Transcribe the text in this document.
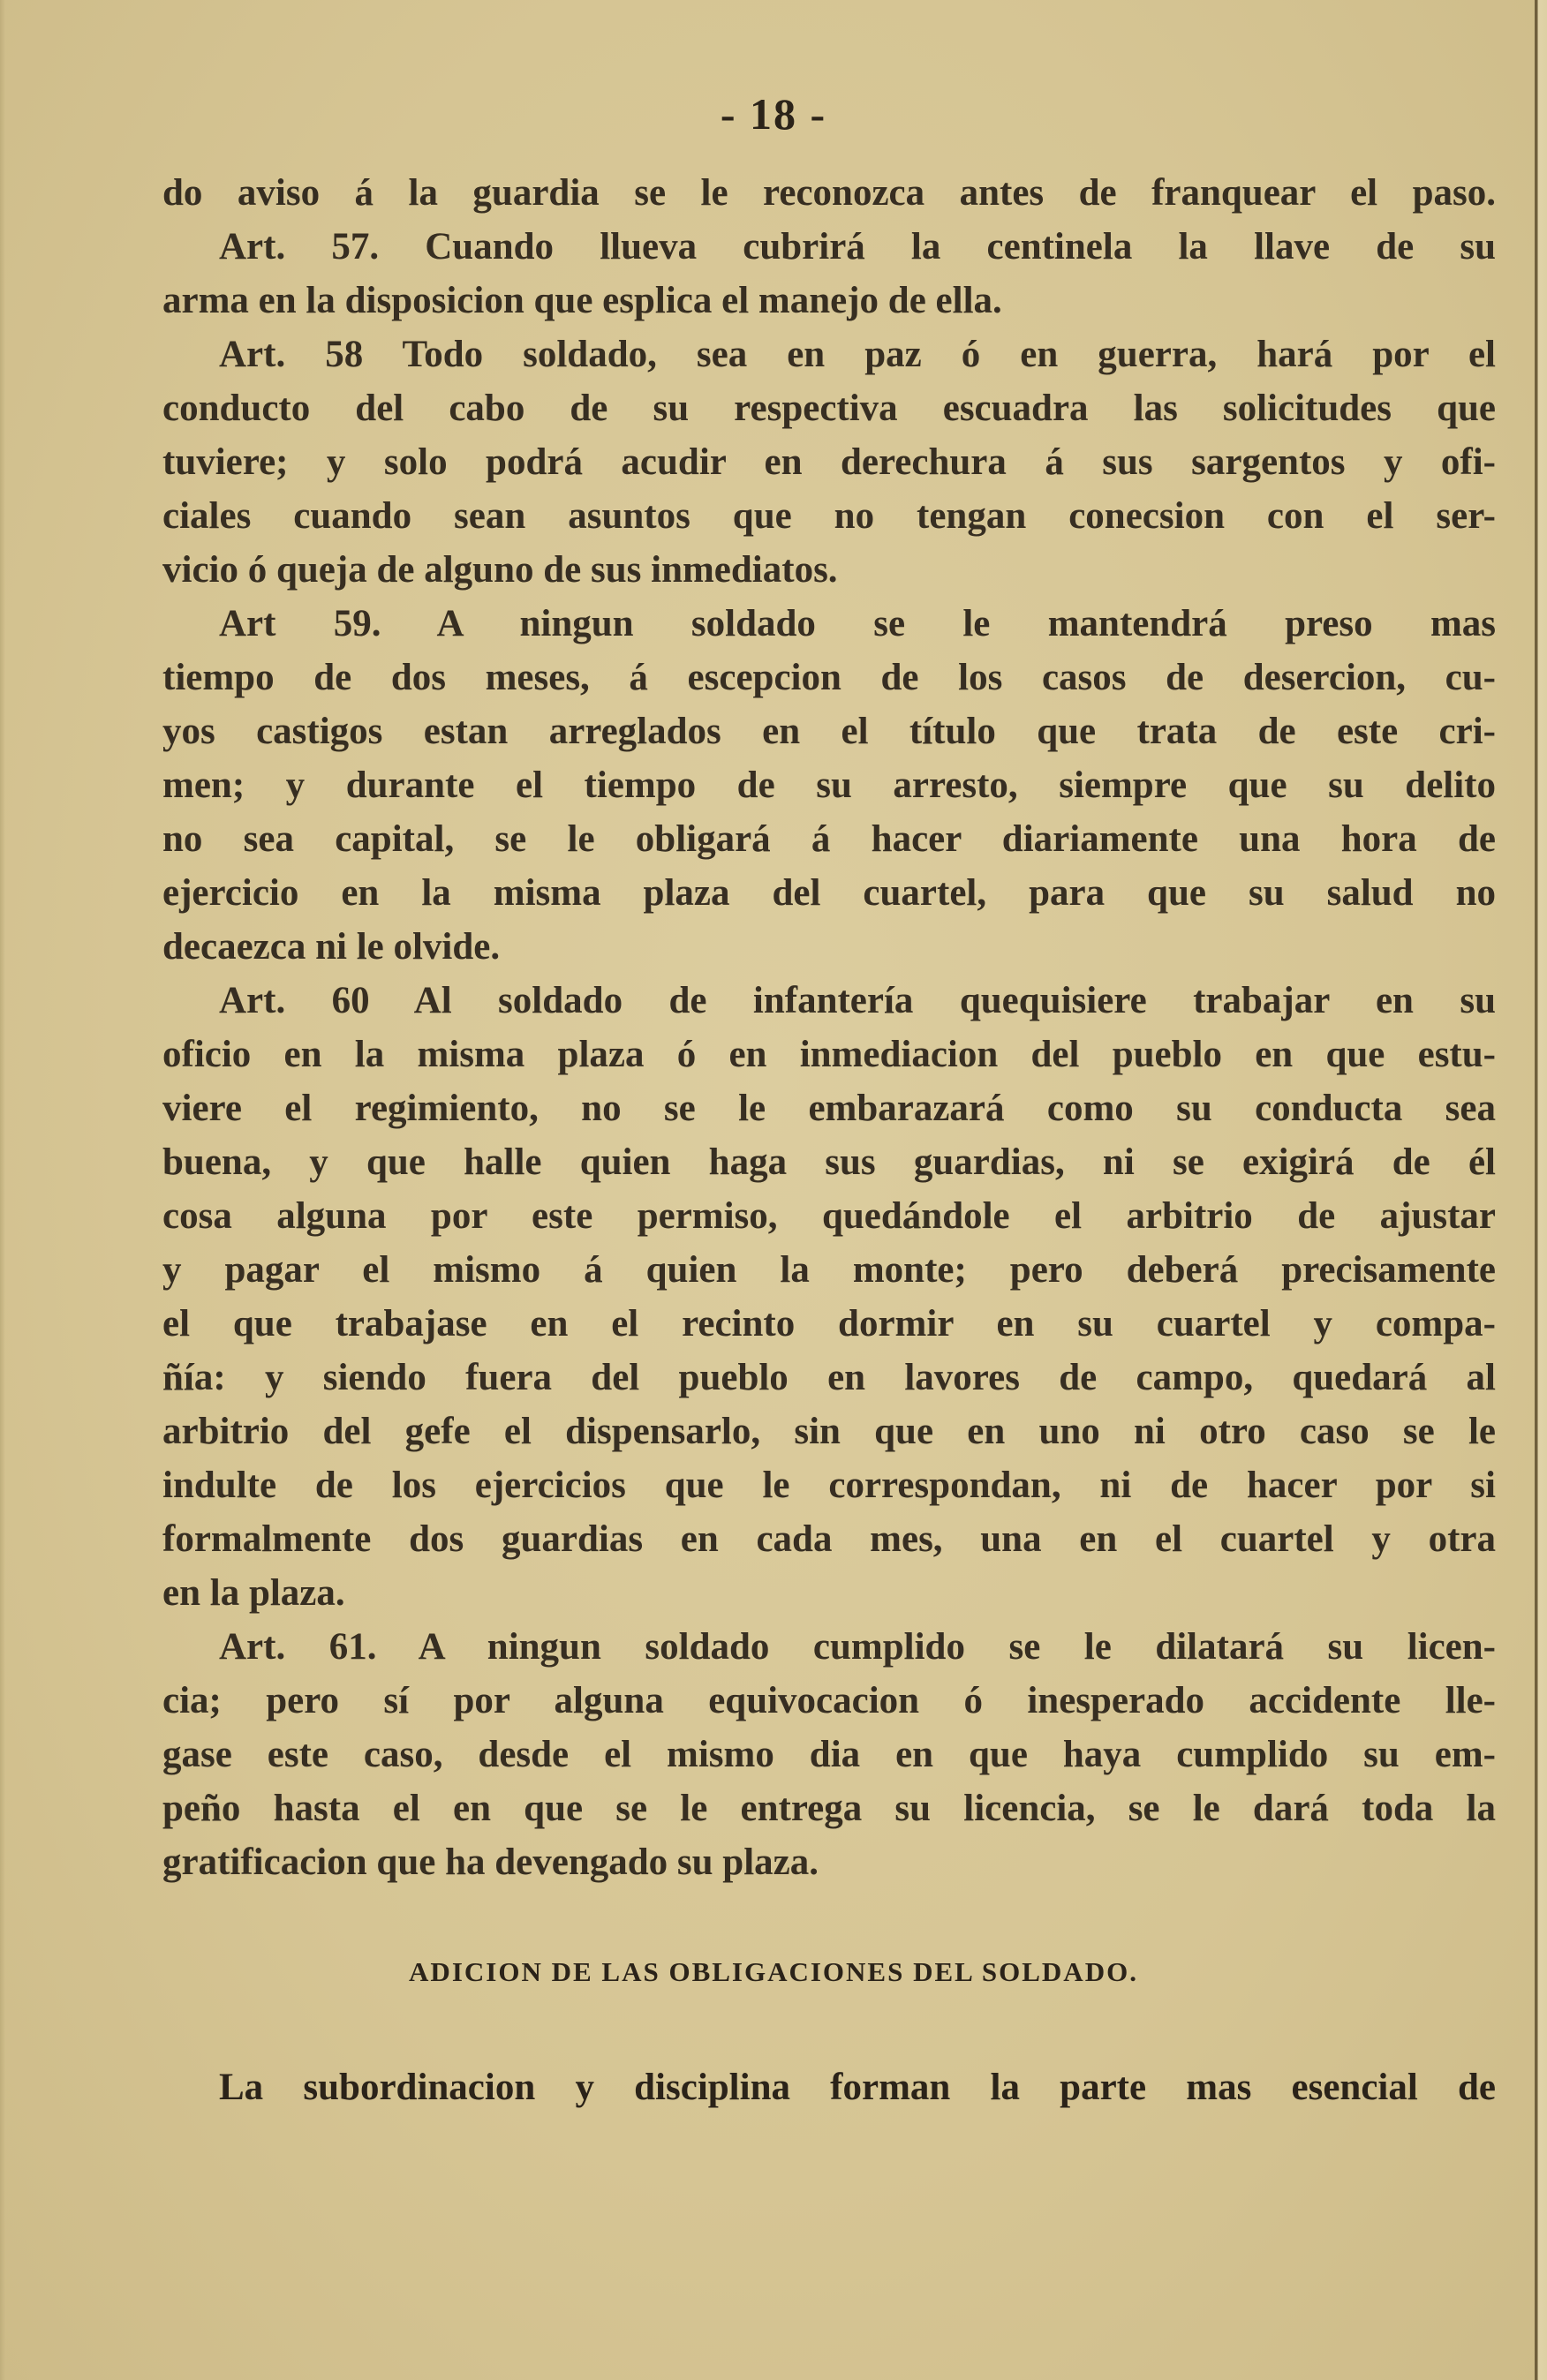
- 18 -
do aviso á la guardia se le reconozca antes de franquear el paso.
Art. 57. Cuando llueva cubrirá la centinela la llave de su
arma en la disposicion que esplica el manejo de ella.
Art. 58 Todo soldado, sea en paz ó en guerra, hará por el
conducto del cabo de su respectiva escuadra las solicitudes que
tuviere; y solo podrá acudir en derechura á sus sargentos y ofi-
ciales cuando sean asuntos que no tengan conecsion con el ser-
vicio ó queja de alguno de sus inmediatos.
Art 59. A ningun soldado se le mantendrá preso mas
tiempo de dos meses, á escepcion de los casos de desercion, cu-
yos castigos estan arreglados en el título que trata de este cri-
men; y durante el tiempo de su arresto, siempre que su delito
no sea capital, se le obligará á hacer diariamente una hora de
ejercicio en la misma plaza del cuartel, para que su salud no
decaezca ni le olvide.
Art. 60 Al soldado de infantería quequisiere trabajar en su
oficio en la misma plaza ó en inmediacion del pueblo en que estu-
viere el regimiento, no se le embarazará como su conducta sea
buena, y que halle quien haga sus guardias, ni se exigirá de él
cosa alguna por este permiso, quedándole el arbitrio de ajustar
y pagar el mismo á quien la monte; pero deberá precisamente
el que trabajase en el recinto dormir en su cuartel y compa-
ñía: y siendo fuera del pueblo en lavores de campo, quedará al
arbitrio del gefe el dispensarlo, sin que en uno ni otro caso se le
indulte de los ejercicios que le correspondan, ni de hacer por si
formalmente dos guardias en cada mes, una en el cuartel y otra
en la plaza.
Art. 61. A ningun soldado cumplido se le dilatará su licen-
cia; pero sí por alguna equivocacion ó inesperado accidente lle-
gase este caso, desde el mismo dia en que haya cumplido su em-
peño hasta el en que se le entrega su licencia, se le dará toda la
gratificacion que ha devengado su plaza.
ADICION DE LAS OBLIGACIONES DEL SOLDADO.
La subordinacion y disciplina forman la parte mas esencial de
